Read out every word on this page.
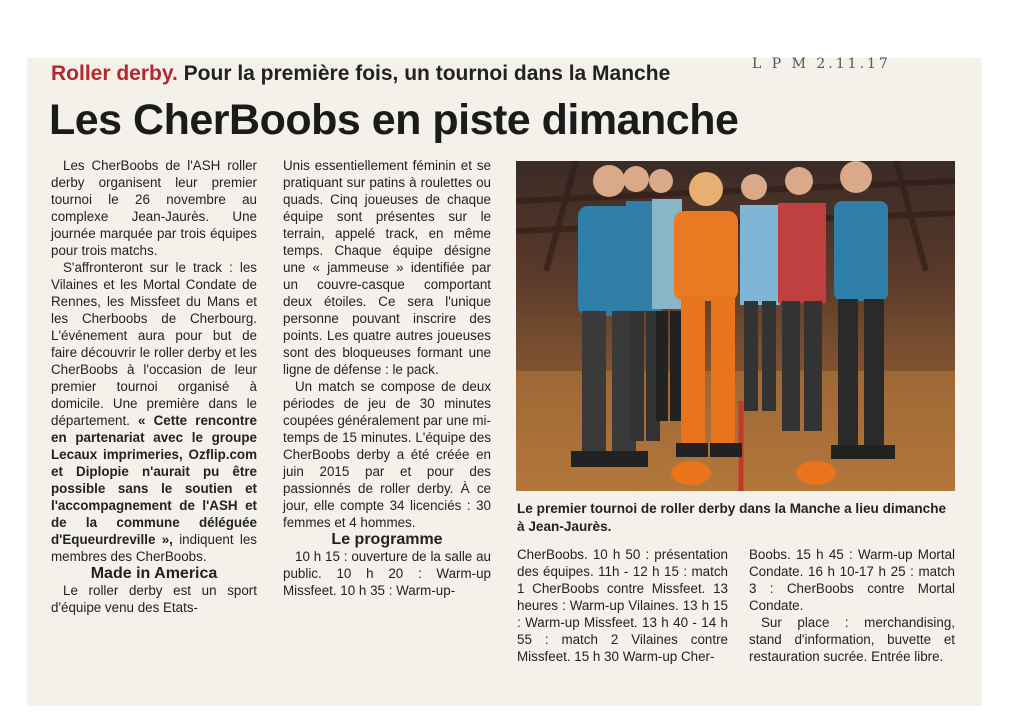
L P M 2.11.17
Roller derby. Pour la première fois, un tournoi dans la Manche
Les CherBoobs en piste dimanche

Les CherBoobs de l'ASH roller derby organisent leur premier tournoi le 26 novembre au complexe Jean-Jaurès. Une journée marquée par trois équipes pour trois matchs.

S'affronteront sur le track : les Vilaines et les Mortal Condate de Rennes, les Missfeet du Mans et les Cherboobs de Cherbourg. L'événement aura pour but de faire découvrir le roller derby et les CherBoobs à l'occasion de leur premier tournoi organisé à domicile. Une première dans le département. « Cette rencontre en partenariat avec le groupe Lecaux imprimeries, Ozflip.com et Diplopie n'aurait pu être possible sans le soutien et l'accompagnement de l'ASH et de la commune déléguée d'Equeurdreville », indiquent les membres des CherBoobs.

Made in America

Le roller derby est un sport d'équipe venu des Etats-

Unis essentiellement féminin et se pratiquant sur patins à roulettes ou quads. Cinq joueuses de chaque équipe sont présentes sur le terrain, appelé track, en même temps. Chaque équipe désigne une « jammeuse » identifiée par un couvre-casque comportant deux étoiles. Ce sera l'unique personne pouvant inscrire des points. Les quatre autres joueuses sont des bloqueuses formant une ligne de défense : le pack.

Un match se compose de deux périodes de jeu de 30 minutes coupées généralement par une mi-temps de 15 minutes. L'équipe des CherBoobs derby a été créée en juin 2015 par et pour des passionnés de roller derby. À ce jour, elle compte 34 licenciés : 30 femmes et 4 hommes.

Le programme

10 h 15 : ouverture de la salle au public. 10 h 20 : Warm-up Missfeet. 10 h 35 : Warm-up-

Le premier tournoi de roller derby dans la Manche a lieu dimanche à Jean-Jaurès.

CherBoobs. 10 h 50 : présentation des équipes. 11h - 12 h 15 : match 1 CherBoobs contre Missfeet. 13 heures : Warm-up Vilaines. 13 h 15 : Warm-up Missfeet. 13 h 40 - 14 h 55 : match 2 Vilaines contre Missfeet. 15 h 30 Warm-up Cher-

Boobs. 15 h 45 : Warm-up Mortal Condate. 16 h 10-17 h 25 : match 3 : CherBoobs contre Mortal Condate.

Sur place : merchandising, stand d'information, buvette et restauration sucrée. Entrée libre.
